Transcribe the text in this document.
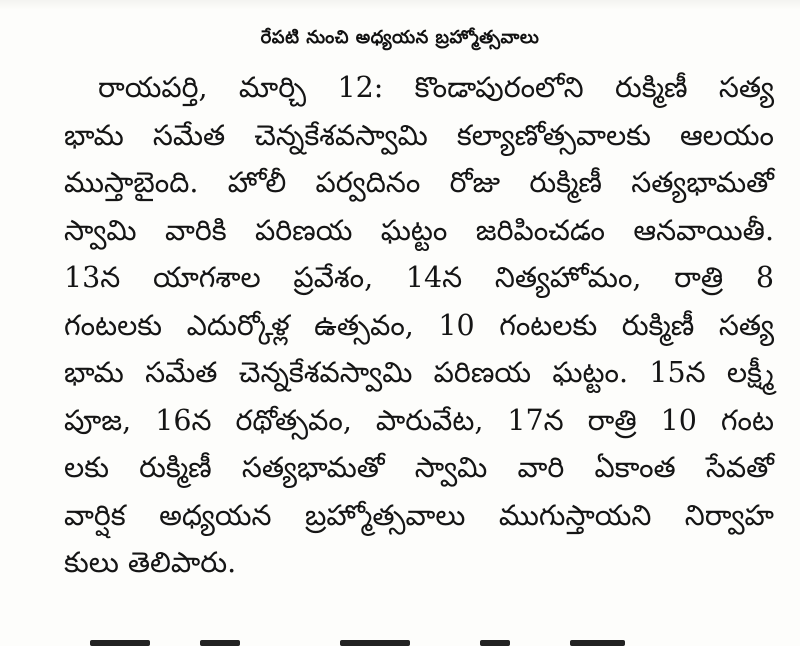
రేపటి నుంచి అధ్యయన బ్రహ్మోత్సవాలు
రాయపర్తి, మార్చి 12: కొండాపురంలోని రుక్మిణీ సత్య
భామ సమేత చెన్నకేశవస్వామి కల్యాణోత్సవాలకు ఆలయం
ముస్తాబైంది. హోలీ పర్వదినం రోజు రుక్మిణీ సత్యభామతో
స్వామి వారికి పరిణయ ఘట్టం జరిపించడం ఆనవాయితీ.
13న యాగశాల ప్రవేశం, 14న నిత్యహోమం, రాత్రి 8
గంటలకు ఎదుర్కోళ్ల ఉత్సవం, 10 గంటలకు రుక్మిణీ సత్య
భామ సమేత చెన్నకేశవస్వామి పరిణయ ఘట్టం. 15న లక్ష్మీ
పూజ, 16న రథోత్సవం, పారువేట, 17న రాత్రి 10 గంట
లకు రుక్మిణీ సత్యభామతో స్వామి వారి ఏకాంత సేవతో
వార్షిక అధ్యయన బ్రహ్మోత్సవాలు ముగుస్తాయని నిర్వాహ
కులు తెలిపారు.
